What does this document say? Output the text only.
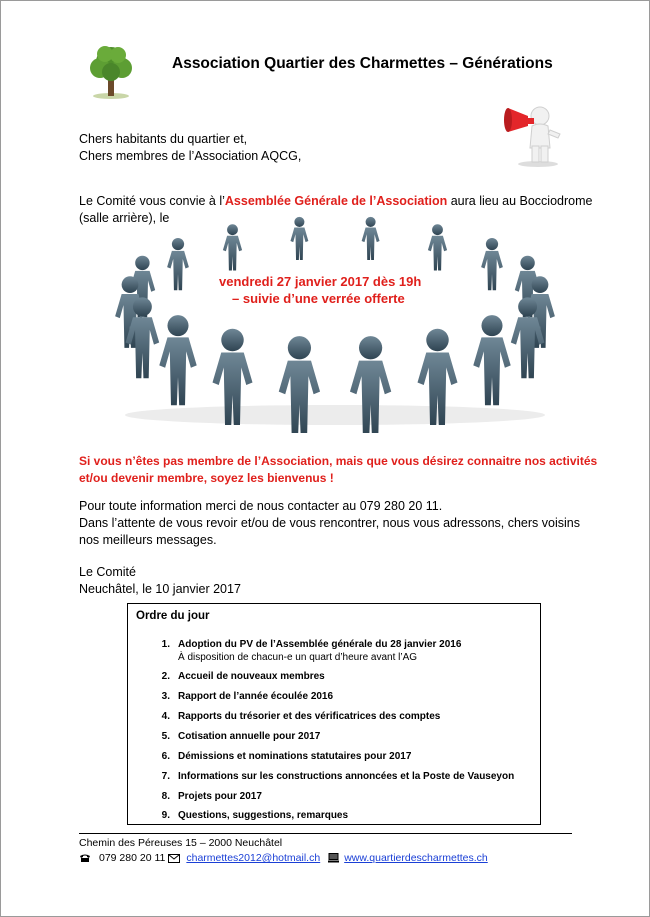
Association Quartier des Charmettes – Générations
Chers habitants du quartier et,
Chers membres de l’Association AQCG,
Le Comité vous convie à l’Assemblée Générale de l’Association aura lieu au Bocciodrome
(salle arrière), le
vendredi 27 janvier 2017 dès 19h
– suivie d’une verrée offerte
Si vous n’êtes pas membre de l’Association, mais que vous désirez connaitre nos activités
et/ou devenir membre, soyez les bienvenus !
Pour toute information merci de nous contacter au 079 280 20 11.
Dans l’attente de vous revoir et/ou de vous rencontrer, nous vous adressons, chers voisins
nos meilleurs messages.
Le Comité
Neuchâtel, le 10 janvier 2017
Ordre du jour
1. Adoption du PV de l’Assemblée générale du 28 janvier 2016
À disposition de chacun-e un quart d’heure avant l’AG
2. Accueil de nouveaux membres
3. Rapport de l’année écoulée 2016
4. Rapports du trésorier et des vérificatrices des comptes
5. Cotisation annuelle pour 2017
6. Démissions et nominations statutaires pour 2017
7. Informations sur les constructions annoncées et la Poste de Vauseyon
8. Projets pour 2017
9. Questions, suggestions, remarques
Chemin des Péreuses 15 – 2000 Neuchâtel
079 280 20 11 charmettes2012@hotmail.ch www.quartierdescharmettes.ch
